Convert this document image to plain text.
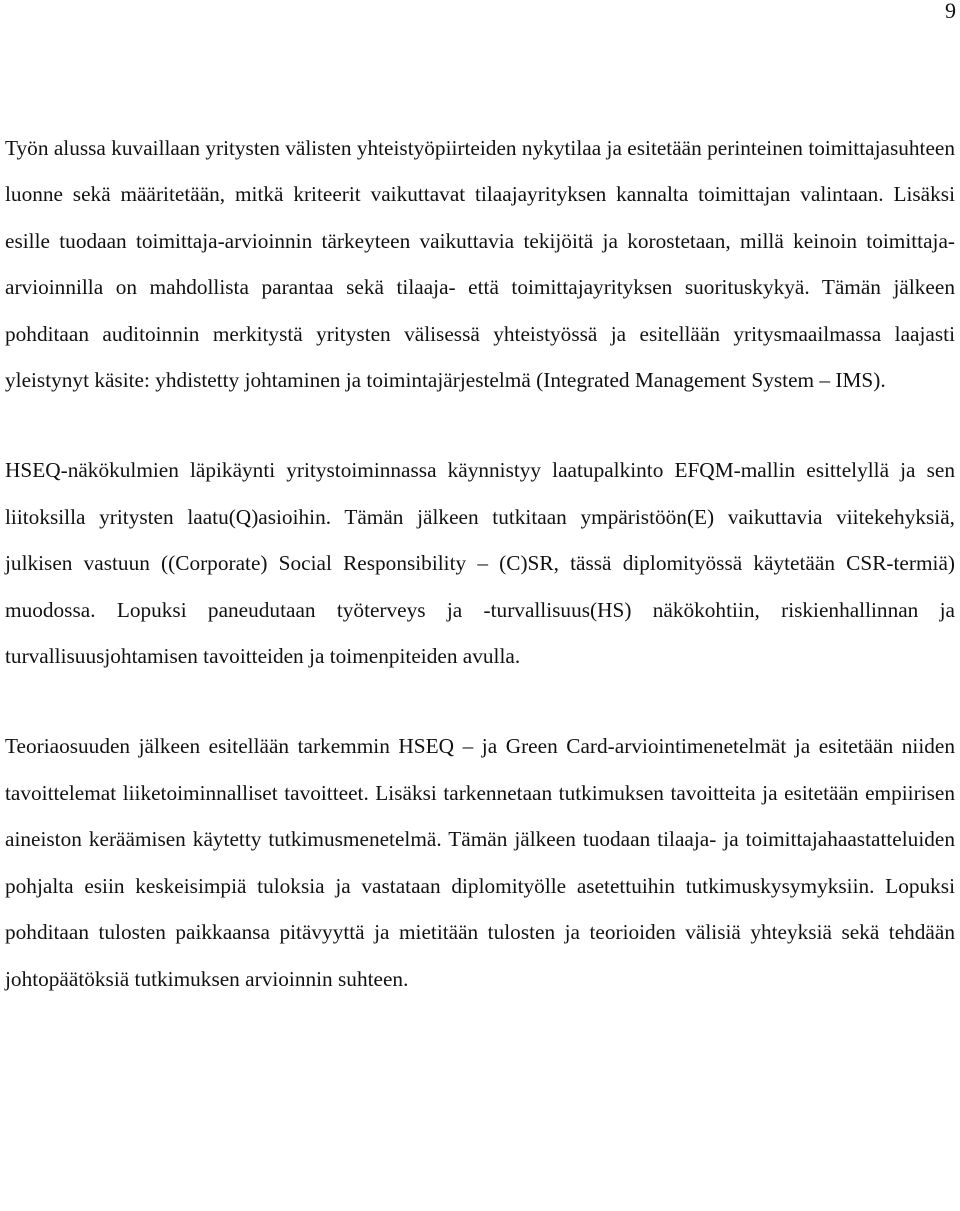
9

Työn alussa kuvaillaan yritysten välisten yhteistyöpiirteiden nykytilaa ja esitetään perinteinen toimittajasuhteen luonne sekä määritetään, mitkä kriteerit vaikuttavat tilaajayrityksen kannalta toimittajan valintaan. Lisäksi esille tuodaan toimittaja-arvioinnin tärkeyteen vaikuttavia tekijöitä ja korostetaan, millä keinoin toimittaja-arvioinnilla on mahdollista parantaa sekä tilaaja- että toimittajayrityksen suorituskykyä. Tämän jälkeen pohditaan auditoinnin merkitystä yritysten välisessä yhteistyössä ja esitellään yritysmaailmassa laajasti yleistynyt käsite: yhdistetty johtaminen ja toimintajärjestelmä (Integrated Management System – IMS).

HSEQ-näkökulmien läpikäynti yritystoiminnassa käynnistyy laatupalkinto EFQM-mallin esittelyllä ja sen liitoksilla yritysten laatu(Q)asioihin. Tämän jälkeen tutkitaan ympäristöön(E) vaikuttavia viitekehyksiä, julkisen vastuun ((Corporate) Social Responsibility – (C)SR, tässä diplomityössä käytetään CSR-termiä) muodossa. Lopuksi paneudutaan työterveys ja -turvallisuus(HS) näkökohtiin, riskienhallinnan ja turvallisuusjohtamisen tavoitteiden ja toimenpiteiden avulla.

Teoriaosuuden jälkeen esitellään tarkemmin HSEQ – ja Green Card-arviointimenetelmät ja esitetään niiden tavoittelemat liiketoiminnalliset tavoitteet. Lisäksi tarkennetaan tutkimuksen tavoitteita ja esitetään empiirisen aineiston keräämisen käytetty tutkimusmenetelmä. Tämän jälkeen tuodaan tilaaja- ja toimittajahaastatteluiden pohjalta esiin keskeisimpiä tuloksia ja vastataan diplomityölle asetettuihin tutkimuskysymyksiin. Lopuksi pohditaan tulosten paikkaansa pitävyyttä ja mietitään tulosten ja teorioiden välisiä yhteyksiä sekä tehdään johtopäätöksiä tutkimuksen arvioinnin suhteen.
